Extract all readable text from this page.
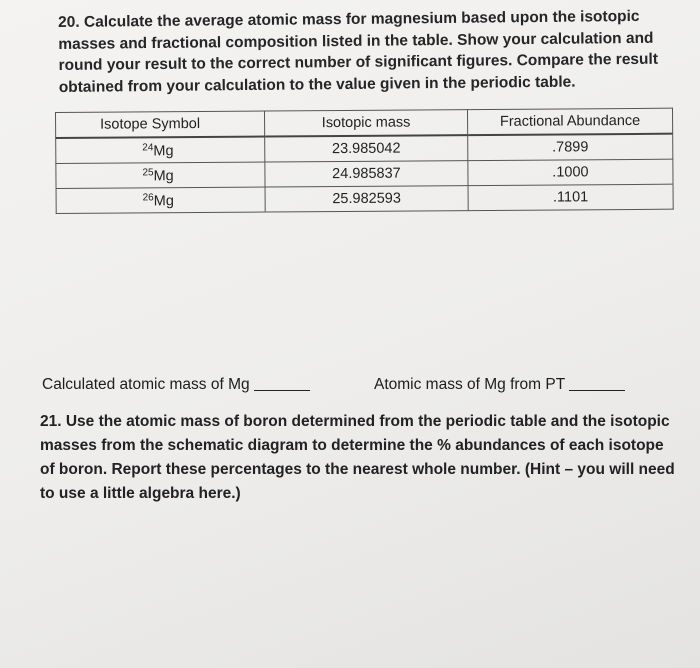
20. Calculate the average atomic mass for magnesium based upon the isotopic masses and fractional composition listed in the table. Show your calculation and round your result to the correct number of significant figures. Compare the result obtained from your calculation to the value given in the periodic table.
Isotope Symbol	Isotopic mass	Fractional Abundance
$^{24}$Mg	23.985042	.7899
$^{25}$Mg	24.985837	.1000
$^{26}$Mg	25.982593	.1101
Calculated atomic mass of Mg	Atomic mass of Mg from PT
21. Use the atomic mass of boron determined from the periodic table and the isotopic masses from the schematic diagram to determine the % abundances of each isotope of boron. Report these percentages to the nearest whole number. (Hint – you will need to use a little algebra here.)
